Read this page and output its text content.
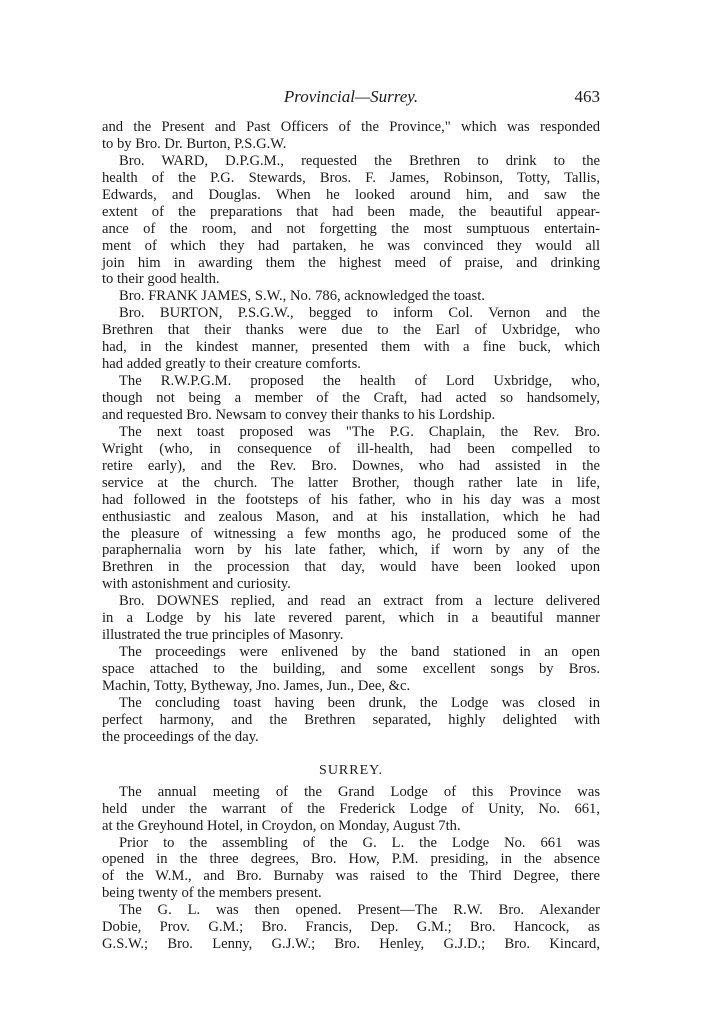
Provincial—Surrey.	463
and the Present and Past Officers of the Province," which was responded
to by Bro. Dr. Burton, P.S.G.W.
Bro. WARD, D.P.G.M., requested the Brethren to drink to the
health of the P.G. Stewards, Bros. F. James, Robinson, Totty, Tallis,
Edwards, and Douglas. When he looked around him, and saw the
extent of the preparations that had been made, the beautiful appear-
ance of the room, and not forgetting the most sumptuous entertain-
ment of which they had partaken, he was convinced they would all
join him in awarding them the highest meed of praise, and drinking
to their good health.
Bro. FRANK JAMES, S.W., No. 786, acknowledged the toast.
Bro. BURTON, P.S.G.W., begged to inform Col. Vernon and the
Brethren that their thanks were due to the Earl of Uxbridge, who
had, in the kindest manner, presented them with a fine buck, which
had added greatly to their creature comforts.
The R.W.P.G.M. proposed the health of Lord Uxbridge, who,
though not being a member of the Craft, had acted so handsomely,
and requested Bro. Newsam to convey their thanks to his Lordship.
The next toast proposed was "The P.G. Chaplain, the Rev. Bro.
Wright (who, in consequence of ill-health, had been compelled to
retire early), and the Rev. Bro. Downes, who had assisted in the
service at the church. The latter Brother, though rather late in life,
had followed in the footsteps of his father, who in his day was a most
enthusiastic and zealous Mason, and at his installation, which he had
the pleasure of witnessing a few months ago, he produced some of the
paraphernalia worn by his late father, which, if worn by any of the
Brethren in the procession that day, would have been looked upon
with astonishment and curiosity.
Bro. DOWNES replied, and read an extract from a lecture delivered
in a Lodge by his late revered parent, which in a beautiful manner
illustrated the true principles of Masonry.
The proceedings were enlivened by the band stationed in an open
space attached to the building, and some excellent songs by Bros.
Machin, Totty, Bytheway, Jno. James, Jun., Dee, &c.
The concluding toast having been drunk, the Lodge was closed in
perfect harmony, and the Brethren separated, highly delighted with
the proceedings of the day.
SURREY.
The annual meeting of the Grand Lodge of this Province was
held under the warrant of the Frederick Lodge of Unity, No. 661,
at the Greyhound Hotel, in Croydon, on Monday, August 7th.
Prior to the assembling of the G. L. the Lodge No. 661 was
opened in the three degrees, Bro. How, P.M. presiding, in the absence
of the W.M., and Bro. Burnaby was raised to the Third Degree, there
being twenty of the members present.
The G. L. was then opened. Present—The R.W. Bro. Alexander
Dobie, Prov. G.M.; Bro. Francis, Dep. G.M.; Bro. Hancock, as
G.S.W.; Bro. Lenny, G.J.W.; Bro. Henley, G.J.D.; Bro. Kincard,
